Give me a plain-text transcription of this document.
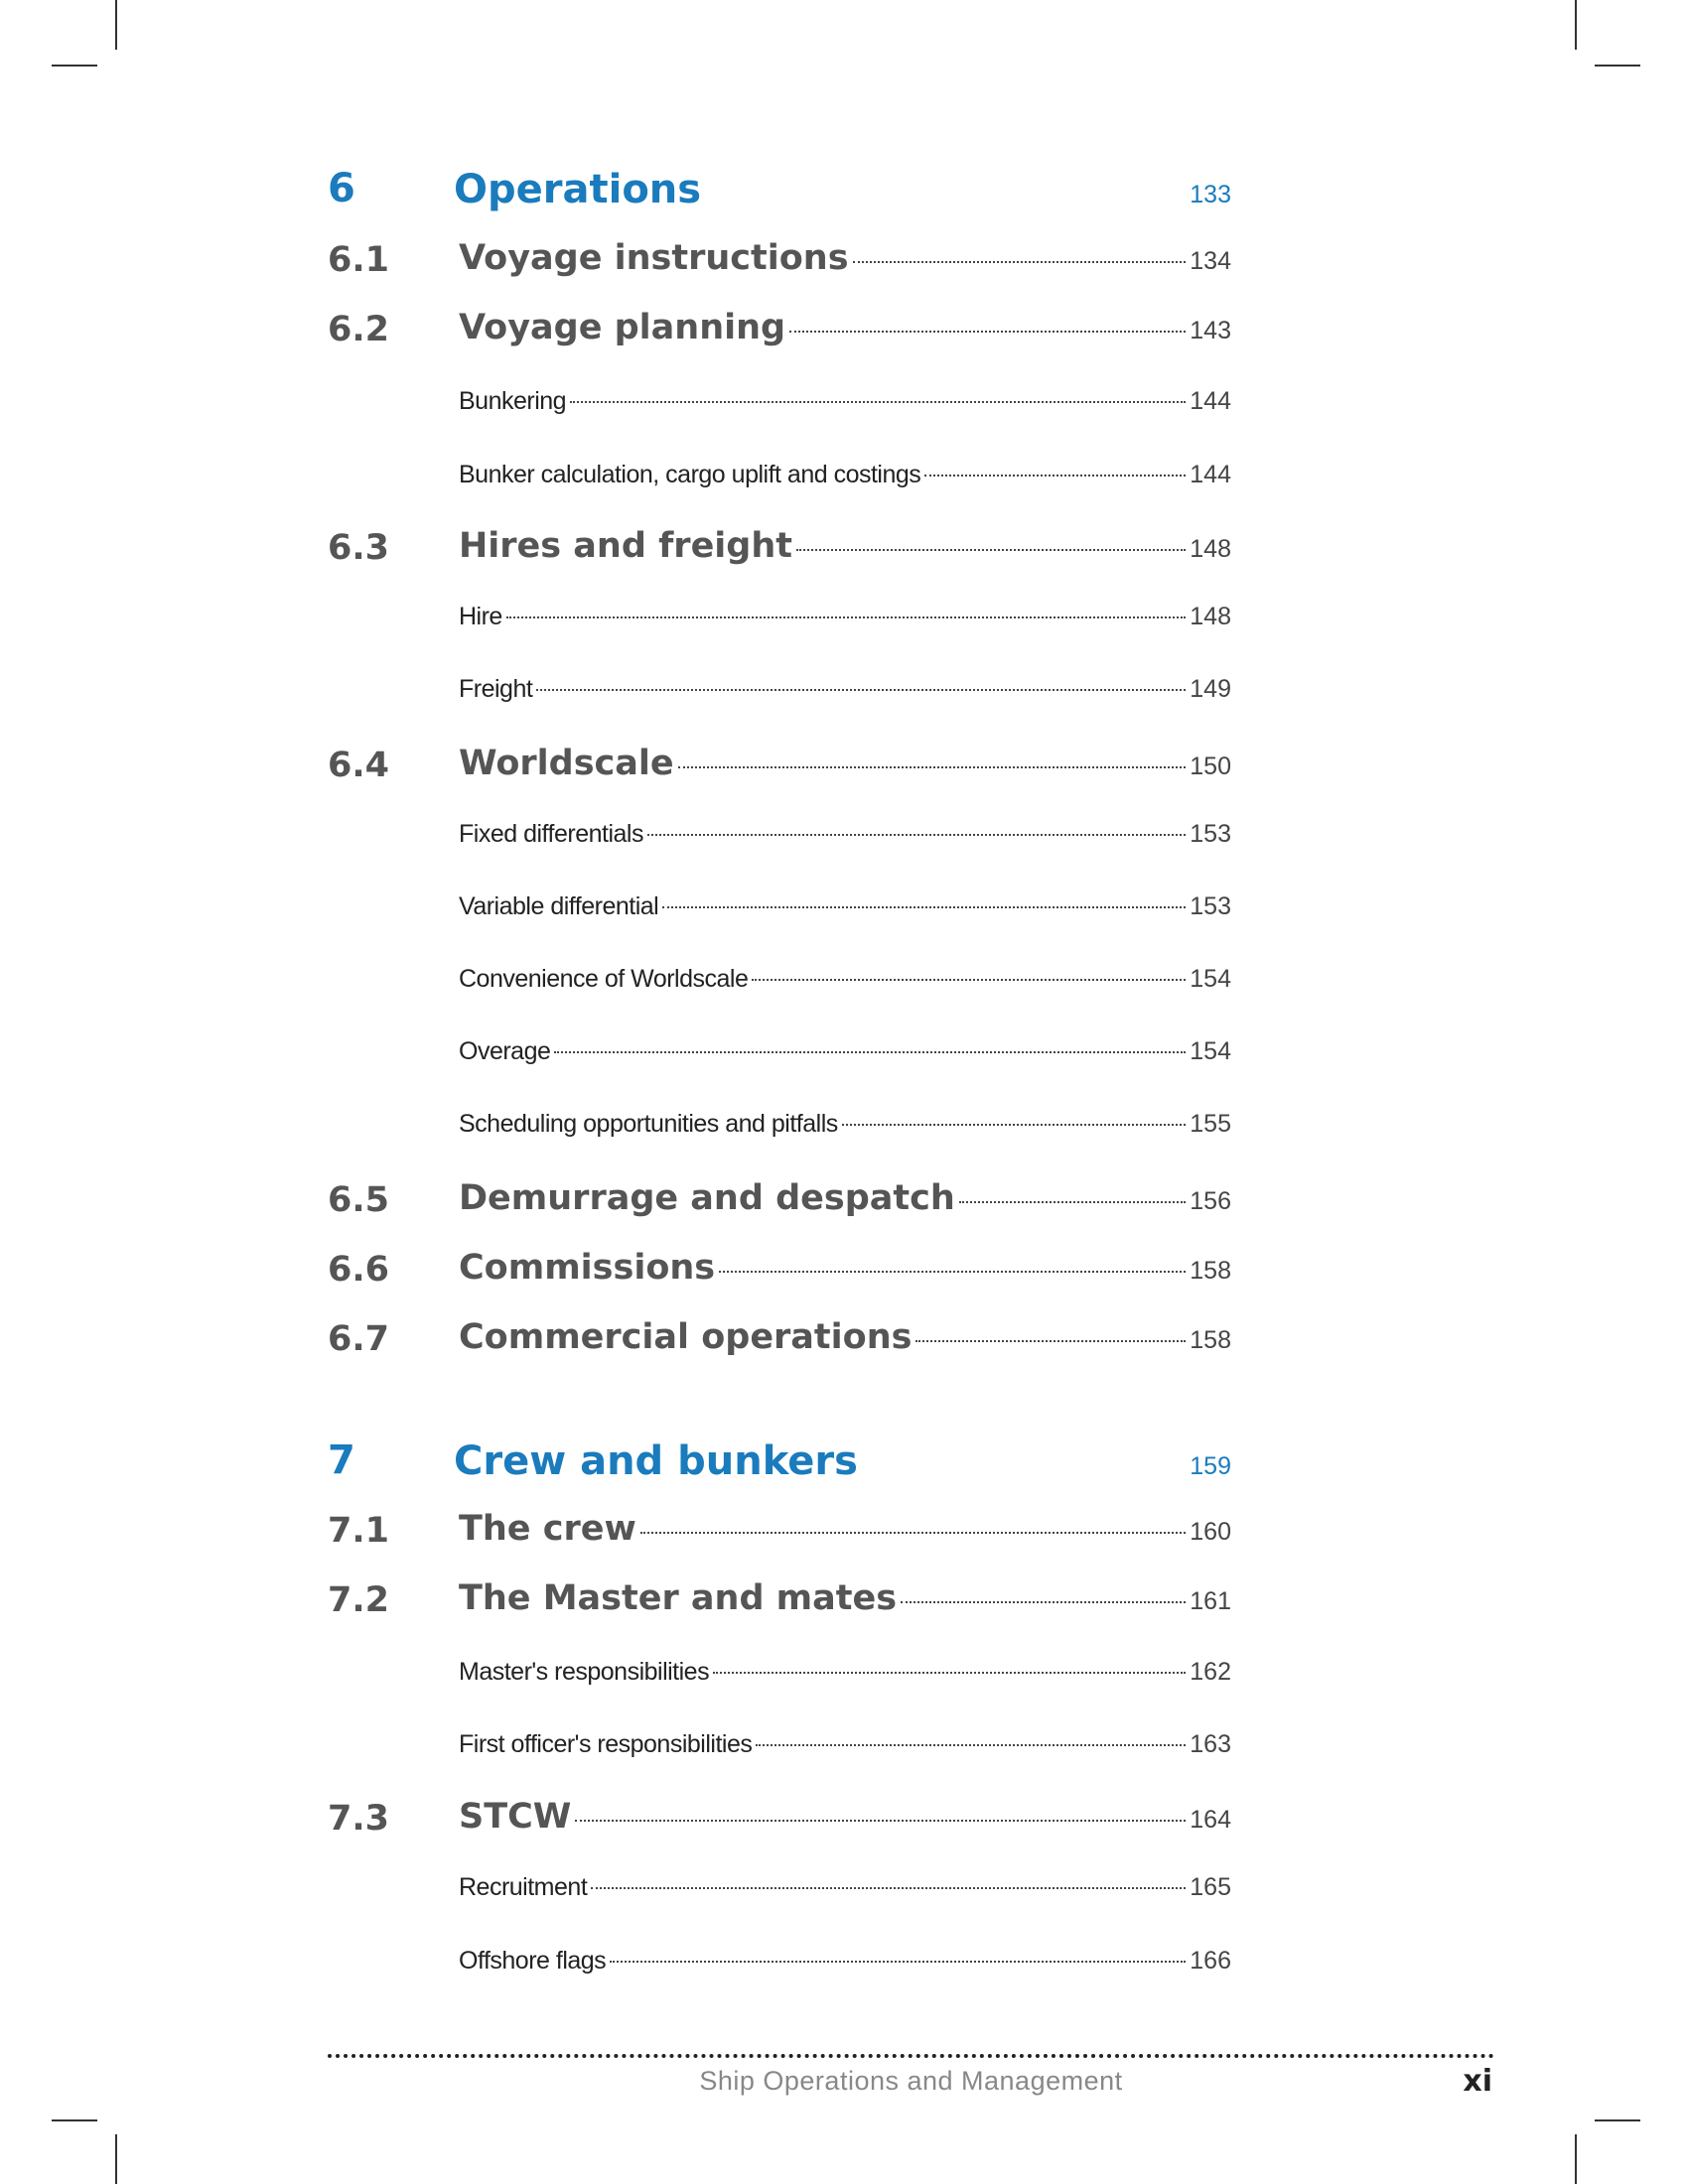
6 Operations	133
6.1 Voyage instructions	134
6.2 Voyage planning	143
Bunkering	144
Bunker calculation, cargo uplift and costings	144
6.3 Hires and freight	148
Hire	148
Freight	149
6.4 Worldscale	150
Fixed differentials	153
Variable differential	153
Convenience of Worldscale	154
Overage	154
Scheduling opportunities and pitfalls	155
6.5 Demurrage and despatch	156
6.6 Commissions	158
6.7 Commercial operations	158
7 Crew and bunkers	159
7.1 The crew	160
7.2 The Master and mates	161
Master's responsibilities	162
First officer's responsibilities	163
7.3 STCW	164
Recruitment	165
Offshore flags	166
Ship Operations and Management	xi
